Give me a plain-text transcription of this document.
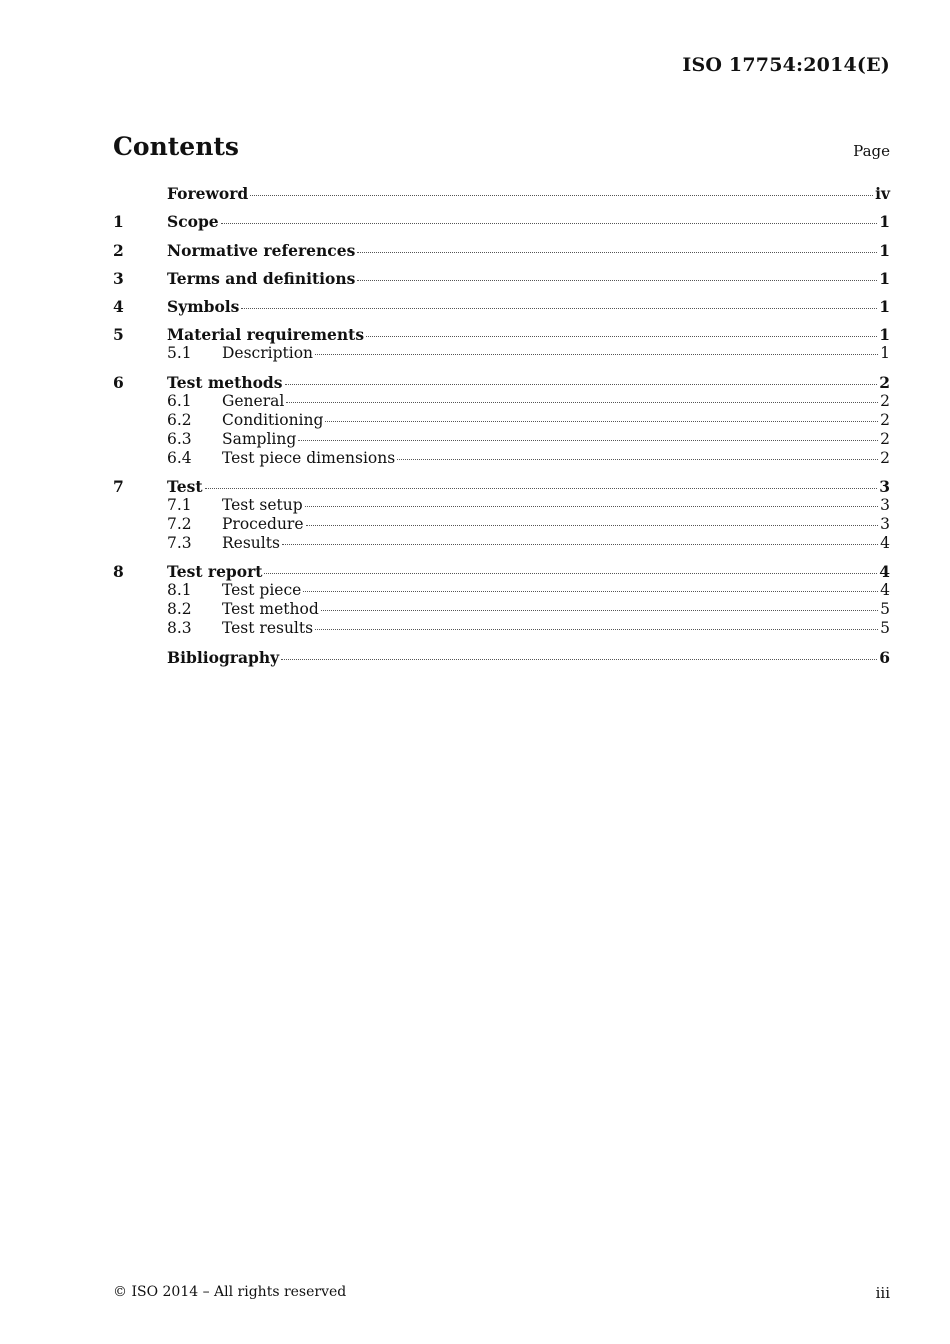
ISO 17754:2014(E)
Contents	Page
Foreword	iv
1	Scope	1
2	Normative references	1
3	Terms and definitions	1
4	Symbols	1
5	Material requirements	1
5.1	Description	1
6	Test methods	2
6.1	General	2
6.2	Conditioning	2
6.3	Sampling	2
6.4	Test piece dimensions	2
7	Test	3
7.1	Test setup	3
7.2	Procedure	3
7.3	Results	4
8	Test report	4
8.1	Test piece	4
8.2	Test method	5
8.3	Test results	5
Bibliography	6
© ISO 2014 – All rights reserved	iii
